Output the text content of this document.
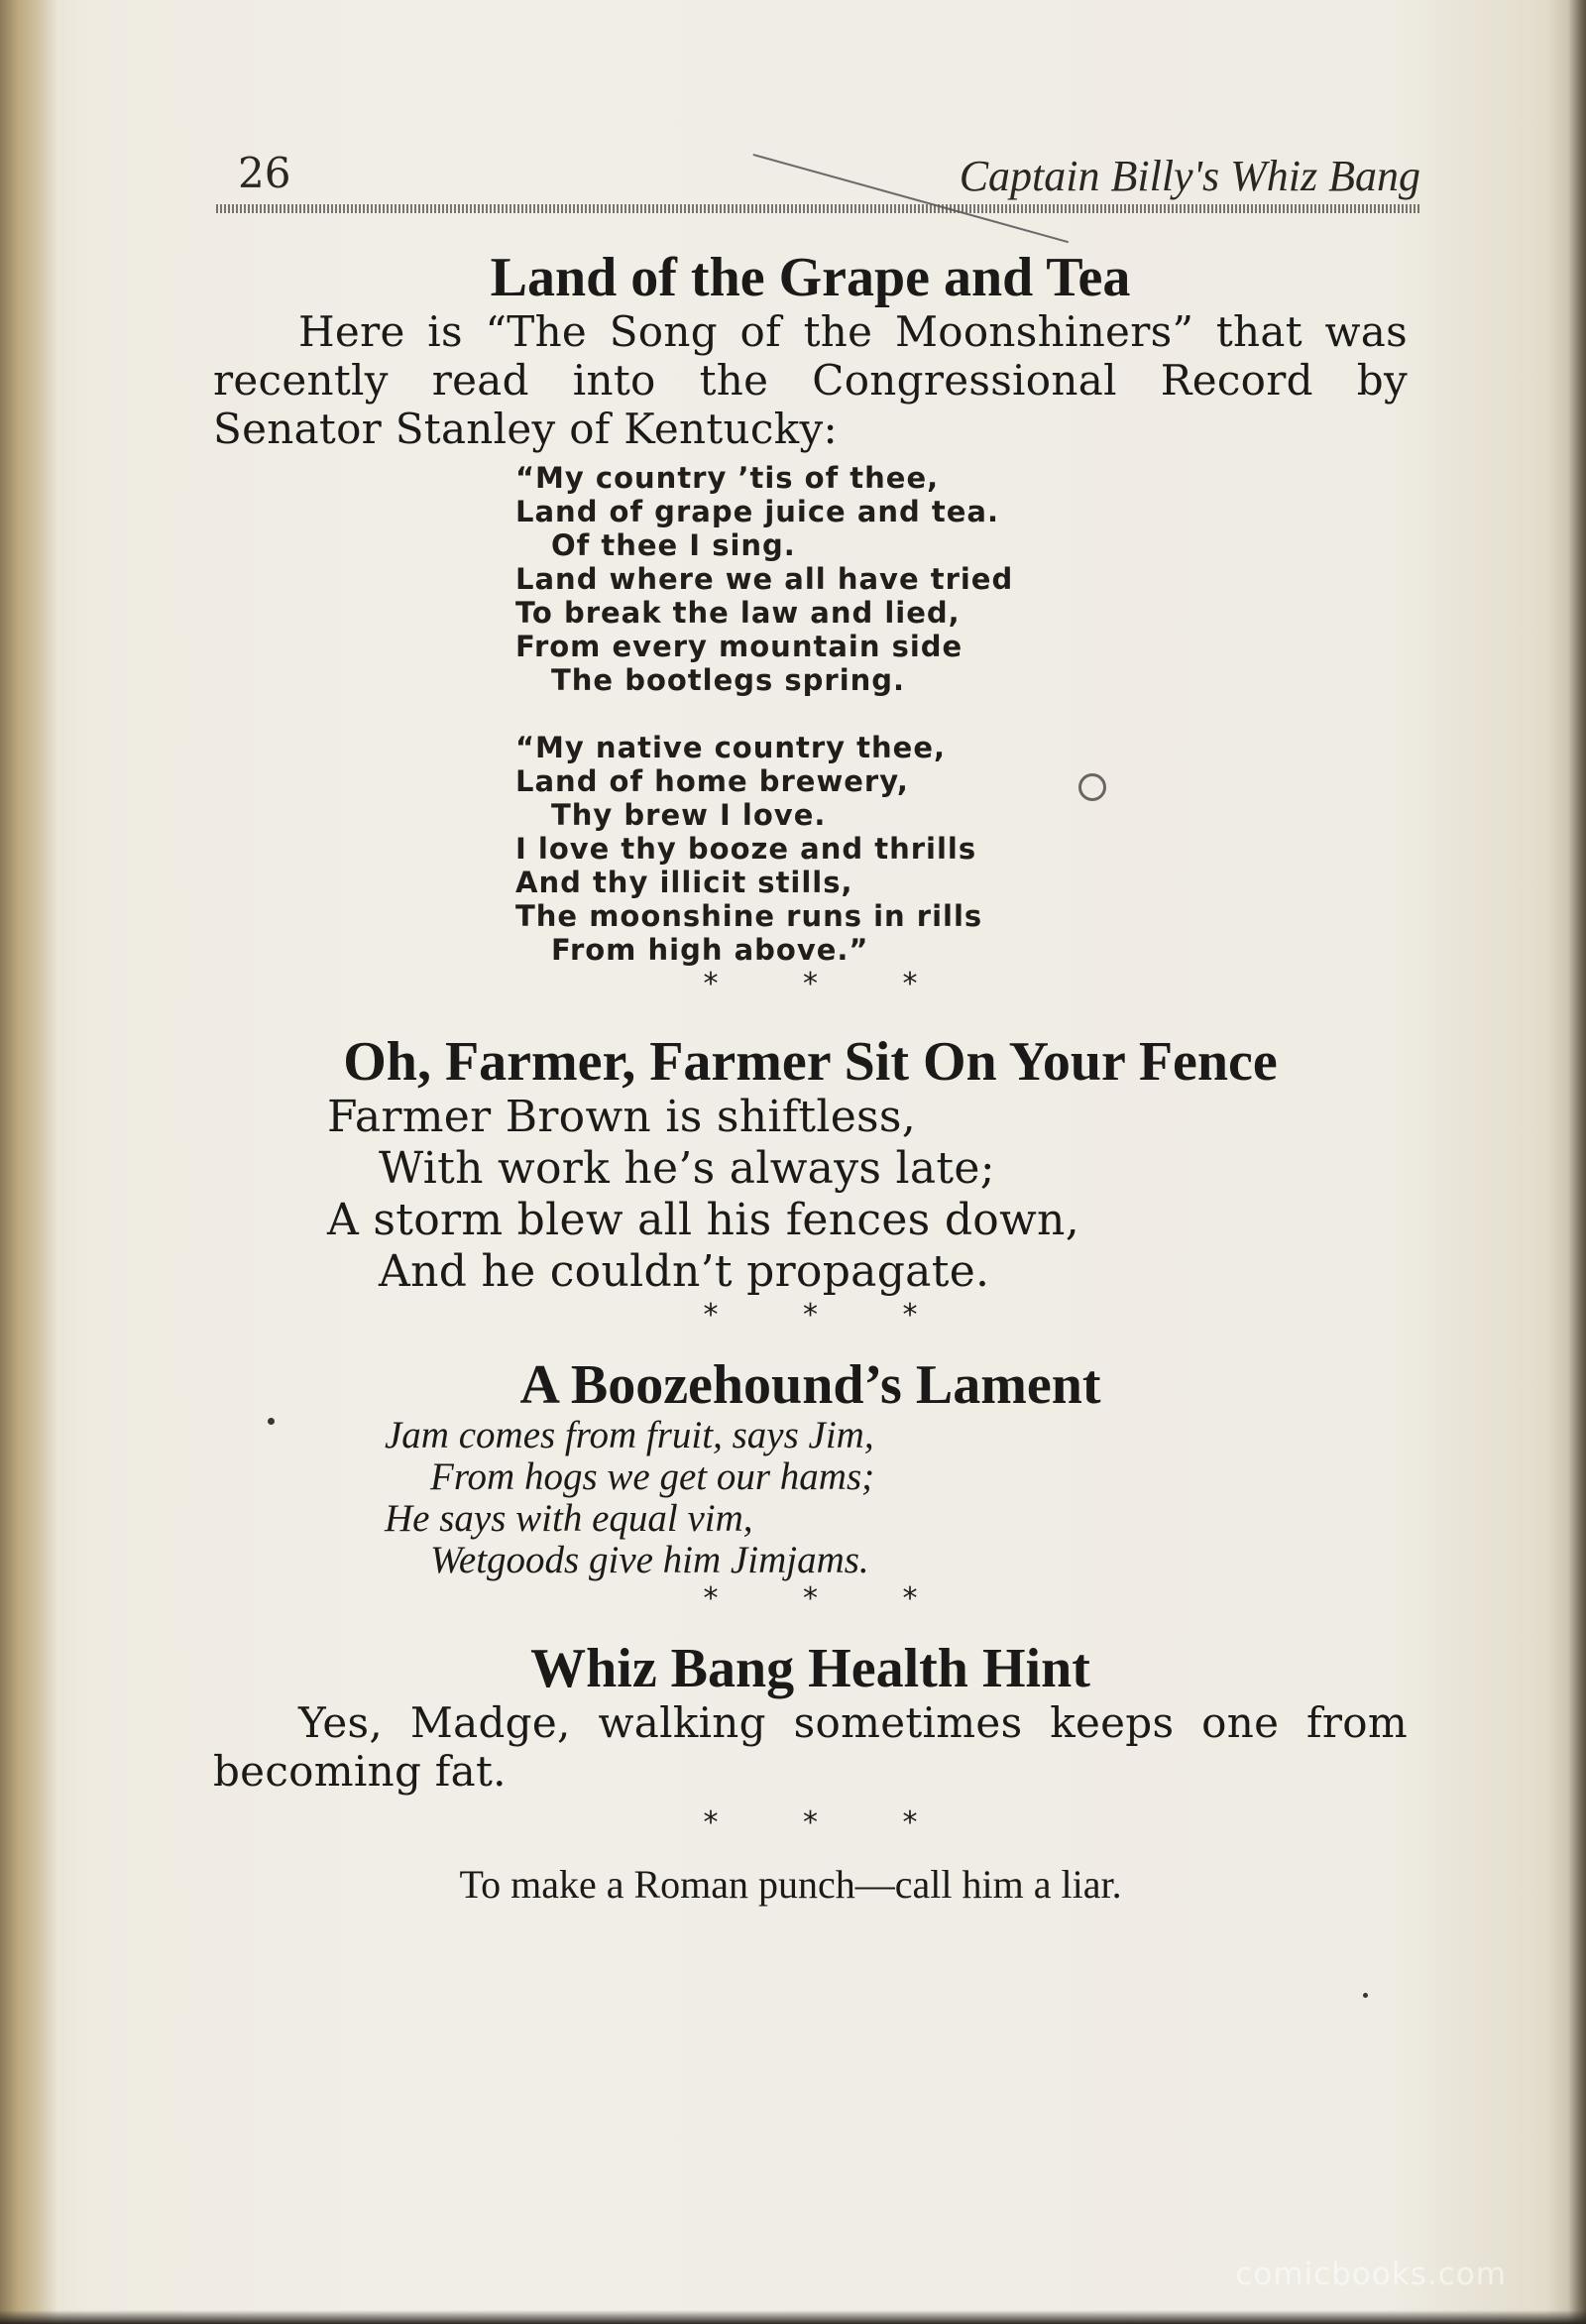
26	Captain Billy's Whiz Bang
Land of the Grape and Tea

Here is “The Song of the Moonshiners” that was recently read into the Congressional Record by Senator Stanley of Kentucky:

“My country ’tis of thee,
Land of grape juice and tea.
Of thee I sing.
Land where we all have tried
To break the law and lied,
From every mountain side
The bootlegs spring.
“My native country thee,
Land of home brewery,
Thy brew I love.
I love thy booze and thrills
And thy illicit stills,
The moonshine runs in rills
From high above.”

* * *

Oh, Farmer, Farmer Sit On Your Fence
Farmer Brown is shiftless,
With work he’s always late;
A storm blew all his fences down,
And he couldn’t propagate.

* * *

A Boozehound’s Lament
Jam comes from fruit, says Jim,
From hogs we get our hams;
He says with equal vim,
Wetgoods give him Jimjams.

* * *

Whiz Bang Health Hint

Yes, Madge, walking sometimes keeps one from becoming fat.

* * *

To make a Roman punch—call him a liar.

comicbooks.com
